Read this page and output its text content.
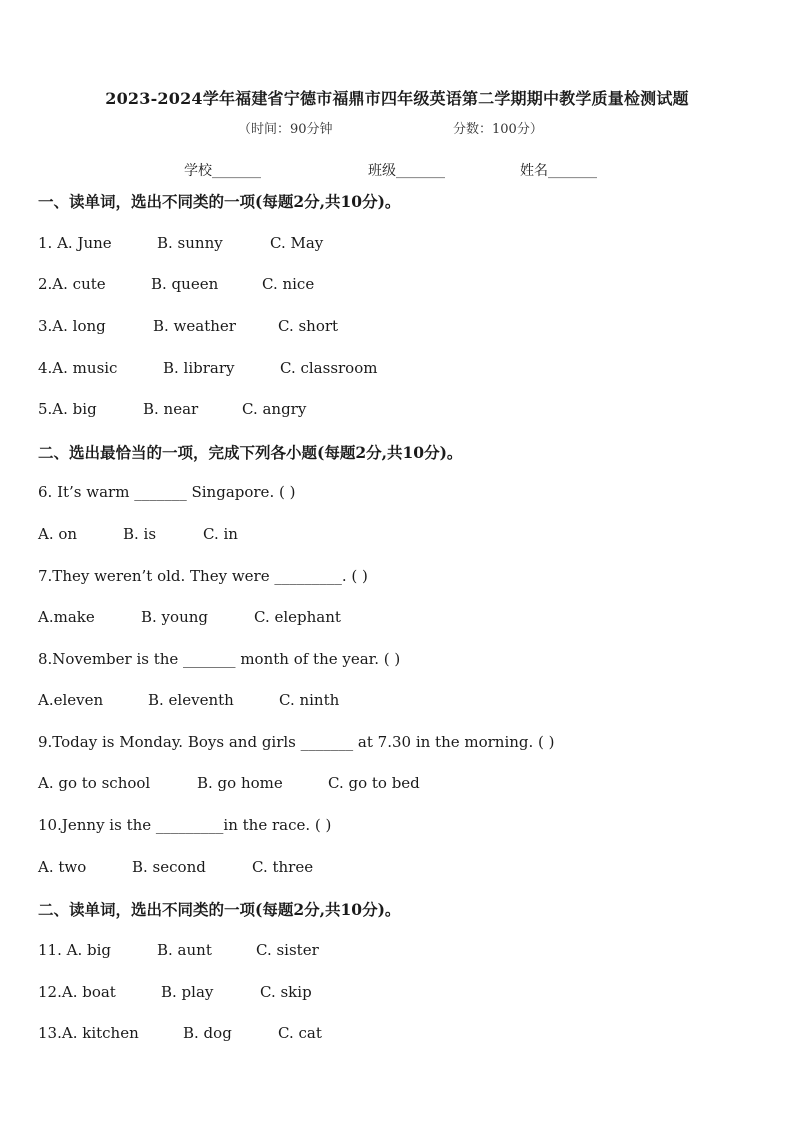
2023-2024学年福建省宁德市福鼎市四年级英语第二学期期中教学质量检测试题
（时间：90分钟	分数：100分）
学校_______	班级_______	姓名_______
一、读单词，选出不同类的一项(每题2分,共10分)。
1. A. June	B. sunny	C. May
2.A. cute	B. queen	C. nice
3.A. long	B. weather	C. short
4.A. music	B. library	C. classroom
5.A. big	B. near	C. angry
二、选出最恰当的一项，完成下列各小题(每题2分,共10分)。
6. It’s warm _______ Singapore. ( )
A. on	B. is	C. in
7.They weren’t old. They were _________. ( )
A.make	B. young	C. elephant
8.November is the _______ month of the year. ( )
A.eleven	B. eleventh	C. ninth
9.Today is Monday. Boys and girls _______ at 7.30 in the morning. ( )
A. go to school	B. go home	C. go to bed
10.Jenny is the _________in the race. ( )
A. two	B. second	C. three
二、读单词，选出不同类的一项(每题2分,共10分)。
11. A. big	B. aunt	C. sister
12.A. boat	B. play	C. skip
13.A. kitchen	B. dog	C. cat
